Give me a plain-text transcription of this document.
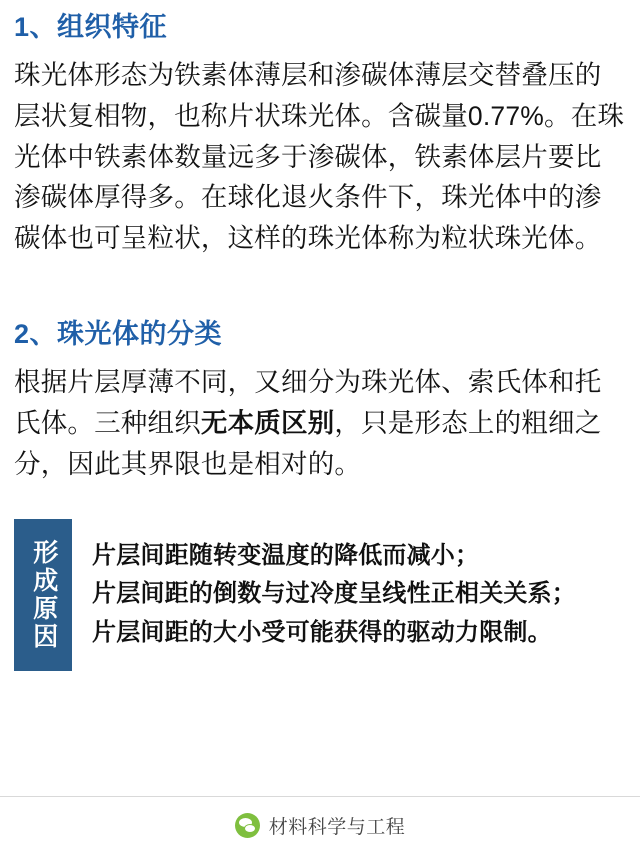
1、组织特征

珠光体形态为铁素体薄层和渗碳体薄层交替叠压的层状复相物，也称片状珠光体。含碳量0.77%。在珠光体中铁素体数量远多于渗碳体，铁素体层片要比渗碳体厚得多。在球化退火条件下，珠光体中的渗碳体也可呈粒状，这样的珠光体称为粒状珠光体。

2、珠光体的分类

根据片层厚薄不同，又细分为珠光体、索氏体和托氏体。三种组织无本质区别，只是形态上的粗细之分，因此其界限也是相对的。

形成原因 片层间距随转变温度的降低而减小；
片层间距的倒数与过冷度呈线性正相关关系；
片层间距的大小受可能获得的驱动力限制。
材料科学与工程
